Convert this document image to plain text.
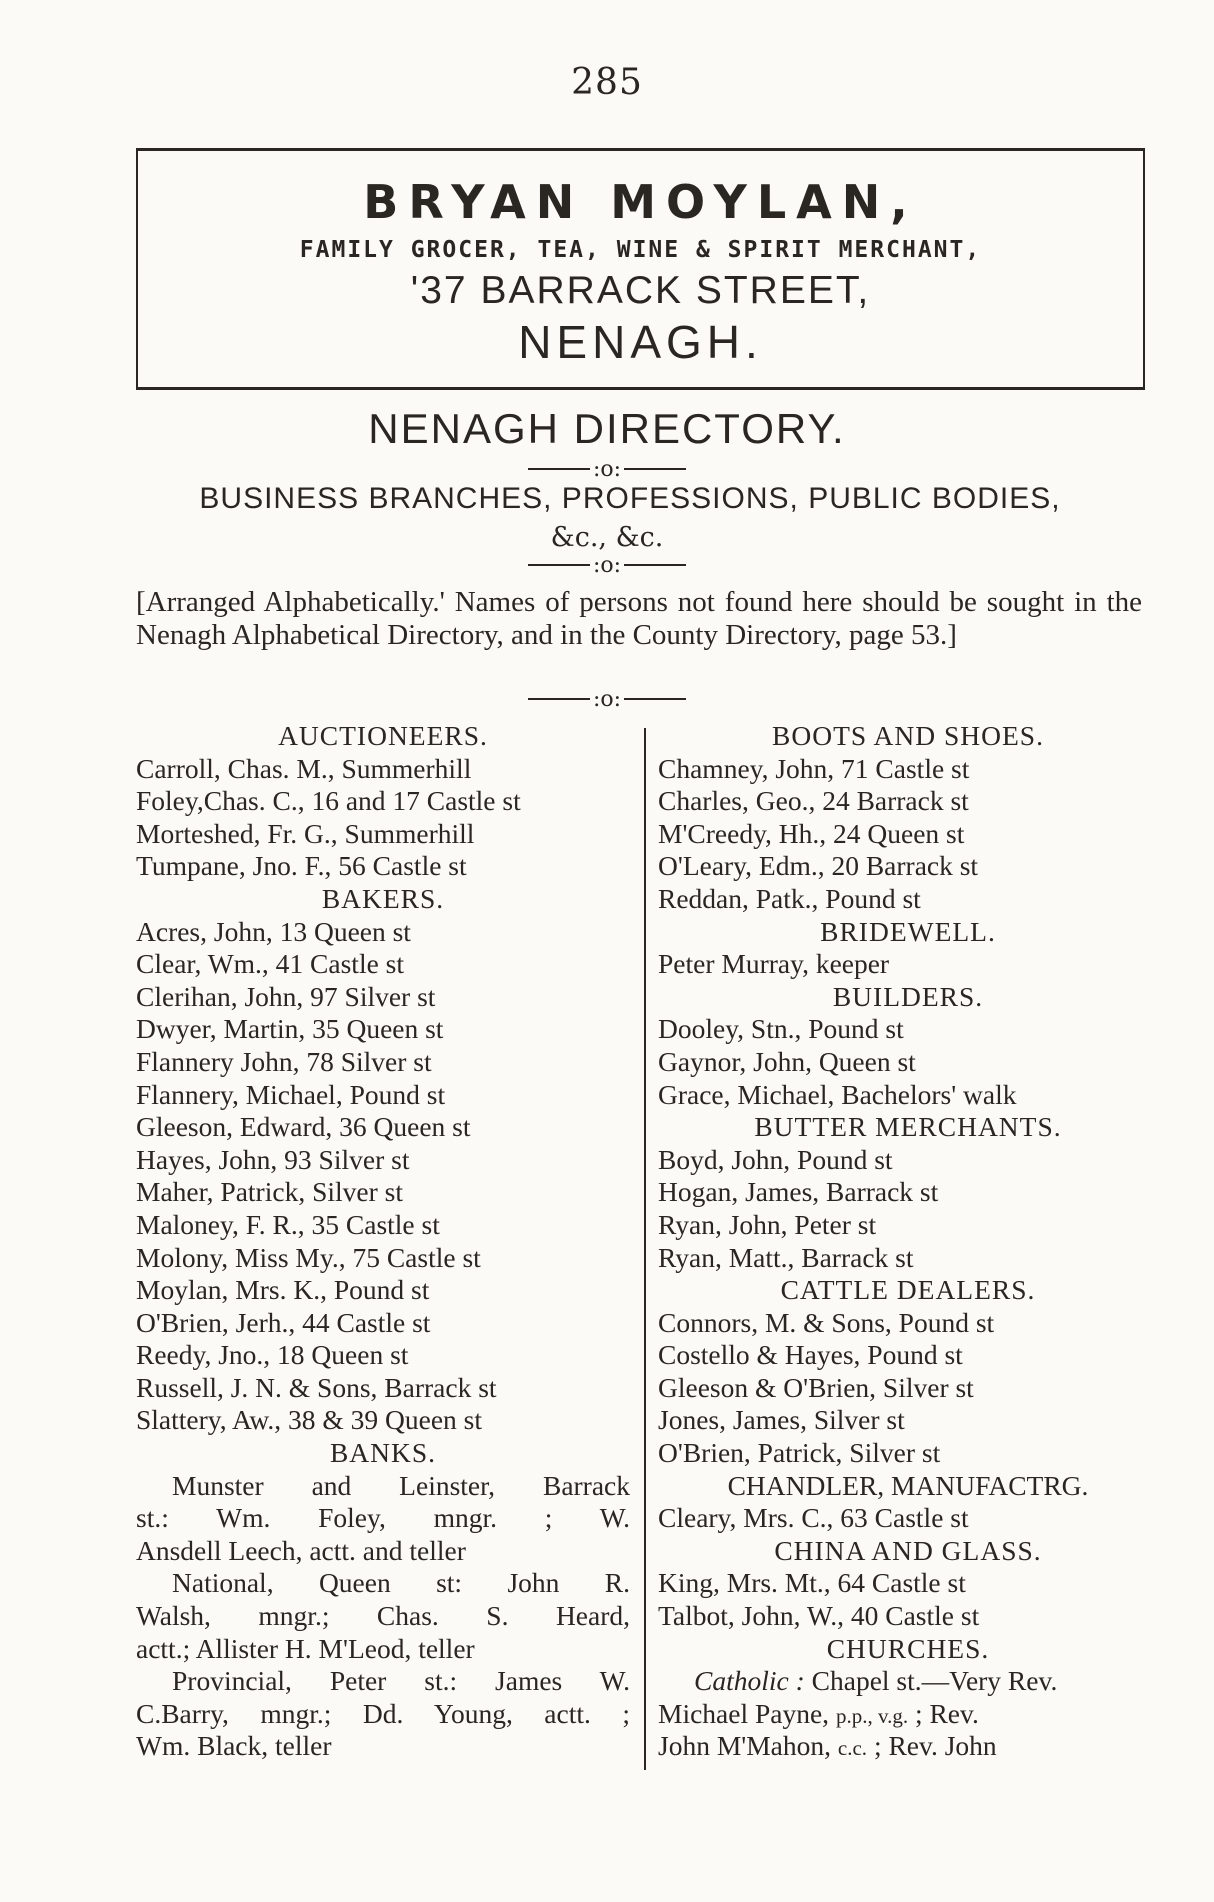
285
BRYAN MOYLAN,
FAMILY GROCER, TEA, WINE & SPIRIT MERCHANT,
'37 BARRACK STREET,
NENAGH.
NENAGH DIRECTORY.
:o:
BUSINESS BRANCHES, PROFESSIONS, PUBLIC BODIES,
&c., &c.
:o:
[Arranged Alphabetically.' Names of persons not found here should be sought in the Nenagh Alphabetical Directory, and in the County Directory, page 53.]
:o:
AUCTIONEERS.
Carroll, Chas. M., Summerhill
Foley,Chas. C., 16 and 17 Castle st
Morteshed, Fr. G., Summerhill
Tumpane, Jno. F., 56 Castle st
BAKERS.
Acres, John, 13 Queen st
Clear, Wm., 41 Castle st
Clerihan, John, 97 Silver st
Dwyer, Martin, 35 Queen st
Flannery John, 78 Silver st
Flannery, Michael, Pound st
Gleeson, Edward, 36 Queen st
Hayes, John, 93 Silver st
Maher, Patrick, Silver st
Maloney, F. R., 35 Castle st
Molony, Miss My., 75 Castle st
Moylan, Mrs. K., Pound st
O'Brien, Jerh., 44 Castle st
Reedy, Jno., 18 Queen st
Russell, J. N. & Sons, Barrack st
Slattery, Aw., 38 & 39 Queen st
BANKS.
Munster and Leinster, Barrack
st.: Wm. Foley, mngr. ; W.
Ansdell Leech, actt. and teller
National, Queen st: John R.
Walsh, mngr.; Chas. S. Heard,
actt.; Allister H. M'Leod, teller
Provincial, Peter st.: James W.
C.Barry, mngr.; Dd. Young, actt. ;
Wm. Black, teller
BOOTS AND SHOES.
Chamney, John, 71 Castle st
Charles, Geo., 24 Barrack st
M'Creedy, Hh., 24 Queen st
O'Leary, Edm., 20 Barrack st
Reddan, Patk., Pound st
BRIDEWELL.
Peter Murray, keeper
BUILDERS.
Dooley, Stn., Pound st
Gaynor, John, Queen st
Grace, Michael, Bachelors' walk
BUTTER MERCHANTS.
Boyd, John, Pound st
Hogan, James, Barrack st
Ryan, John, Peter st
Ryan, Matt., Barrack st
CATTLE DEALERS.
Connors, M. & Sons, Pound st
Costello & Hayes, Pound st
Gleeson & O'Brien, Silver st
Jones, James, Silver st
O'Brien, Patrick, Silver st
CHANDLER, MANUFACTRG.
Cleary, Mrs. C., 63 Castle st
CHINA AND GLASS.
King, Mrs. Mt., 64 Castle st
Talbot, John, W., 40 Castle st
CHURCHES.
Catholic : Chapel st.—Very Rev.
Michael Payne, p.p., v.g. ; Rev.
John M'Mahon, c.c. ; Rev. John
